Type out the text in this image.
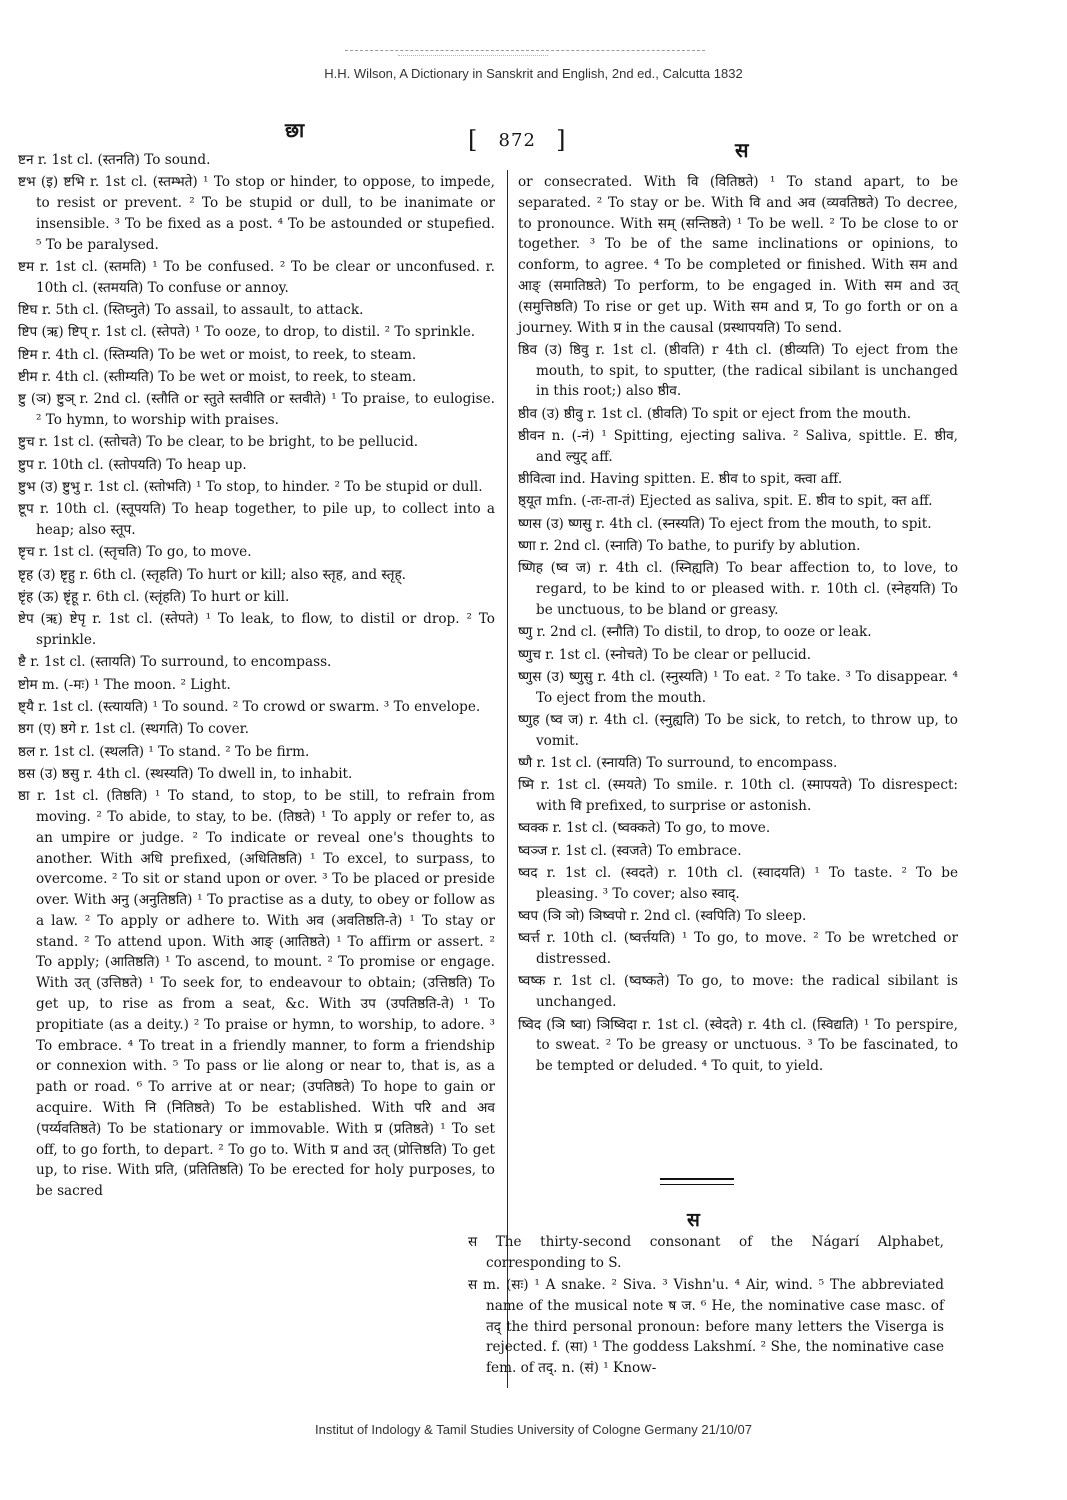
H.H. Wilson, A Dictionary in Sanskrit and English, 2nd ed., Calcutta 1832
छा	[ 872 ]	स

ष्टन r. 1st cl. (स्तनति) To sound.

ष्टभ (इ) ष्टभि r. 1st cl. (स्तम्भते) ¹ To stop or hinder, to oppose, to impede, to resist or prevent. ² To be stupid or dull, to be inanimate or insensible. ³ To be fixed as a post. ⁴ To be astounded or stupefied. ⁵ To be paralysed.

ष्टम r. 1st cl. (स्तमति) ¹ To be confused. ² To be clear or unconfused. r. 10th cl. (स्तमयति) To confuse or annoy.

ष्टिघ r. 5th cl. (स्तिघ्नुते) To assail, to assault, to attack.

ष्टिप (ऋ) ष्टिप् r. 1st cl. (स्तेपते) ¹ To ooze, to drop, to distil. ² To sprinkle.

ष्टिम r. 4th cl. (स्तिम्यति) To be wet or moist, to reek, to steam.

ष्टीम r. 4th cl. (स्तीम्यति) To be wet or moist, to reek, to steam.

ष्टु (ञ) ष्टुञ् r. 2nd cl. (स्तौति or स्तुते स्तवीति or स्तवीते) ¹ To praise, to eulogise. ² To hymn, to worship with praises.

ष्टुच r. 1st cl. (स्तोचते) To be clear, to be bright, to be pellucid.

ष्टुप r. 10th cl. (स्तोपयति) To heap up.

ष्टुभ (उ) ष्टुभु r. 1st cl. (स्तोभति) ¹ To stop, to hinder. ² To be stupid or dull.

ष्टूप r. 10th cl. (स्तूपयति) To heap together, to pile up, to collect into a heap; also स्तूप.

ष्टृच r. 1st cl. (स्तृचति) To go, to move.

ष्टृह (उ) ष्टृहु r. 6th cl. (स्तृहति) To hurt or kill; also स्तृह, and स्तृह्.

ष्टृंह (ऊ) ष्टृंहू r. 6th cl. (स्तृंहति) To hurt or kill.

ष्टेप (ऋ) ष्टेपृ r. 1st cl. (स्तेपते) ¹ To leak, to flow, to distil or drop. ² To sprinkle.

ष्टै r. 1st cl. (स्तायति) To surround, to encompass.

ष्टोम m. (-मः) ¹ The moon. ² Light.

ष्ट्यै r. 1st cl. (स्त्यायति) ¹ To sound. ² To crowd or swarm. ³ To envelope.

ष्ठग (ए) ष्ठगे r. 1st cl. (स्थगति) To cover.

ष्ठल r. 1st cl. (स्थलति) ¹ To stand. ² To be firm.

ष्ठस (उ) ष्ठसु r. 4th cl. (स्थस्यति) To dwell in, to inhabit.

ष्ठा r. 1st cl. (तिष्ठति) ¹ To stand, to stop, to be still, to refrain from moving. ² To abide, to stay, to be. (तिष्ठते) ¹ To apply or refer to, as an umpire or judge. ² To indicate or reveal one's thoughts to another. With अधि prefixed, (अधितिष्ठति) ¹ To excel, to surpass, to overcome. ² To sit or stand upon or over. ³ To be placed or preside over. With अनु (अनुतिष्ठति) ¹ To practise as a duty, to obey or follow as a law. ² To apply or adhere to. With अव (अवतिष्ठति-ते) ¹ To stay or stand. ² To attend upon. With आङ् (आतिष्ठते) ¹ To affirm or assert. ² To apply; (आतिष्ठति) ¹ To ascend, to mount. ² To promise or engage. With उत् (उत्तिष्ठते) ¹ To seek for, to endeavour to obtain; (उत्तिष्ठति) To get up, to rise as from a seat, &c. With उप (उपतिष्ठति-ते) ¹ To propitiate (as a deity.) ² To praise or hymn, to worship, to adore. ³ To embrace. ⁴ To treat in a friendly manner, to form a friendship or connexion with. ⁵ To pass or lie along or near to, that is, as a path or road. ⁶ To arrive at or near; (उपतिष्ठते) To hope to gain or acquire. With नि (नितिष्ठते) To be established. With परि and अव (पर्य्यवतिष्ठते) To be stationary or immovable. With प्र (प्रतिष्ठते) ¹ To set off, to go forth, to depart. ² To go to. With प्र and उत् (प्रोत्तिष्ठति) To get up, to rise. With प्रति, (प्रतितिष्ठति) To be erected for holy purposes, to be sacred

or consecrated. With वि (वितिष्ठते) ¹ To stand apart, to be separated. ² To stay or be. With वि and अव (व्यवतिष्ठते) To decree, to pronounce. With सम् (सन्तिष्ठते) ¹ To be well. ² To be close to or together. ³ To be of the same inclinations or opinions, to conform, to agree. ⁴ To be completed or finished. With सम and आङ् (समातिष्ठते) To perform, to be engaged in. With सम and उत् (समुत्तिष्ठति) To rise or get up. With सम and प्र, To go forth or on a journey. With प्र in the causal (प्रस्थापयति) To send.

ष्ठिव (उ) ष्ठिवु r. 1st cl. (ष्ठीवति) r 4th cl. (ष्ठीव्यति) To eject from the mouth, to spit, to sputter, (the radical sibilant is unchanged in this root;) also ष्ठीव.

ष्ठीव (उ) ष्ठीवु r. 1st cl. (ष्ठीवति) To spit or eject from the mouth.

ष्ठीवन n. (-नं) ¹ Spitting, ejecting saliva. ² Saliva, spittle. E. ष्ठीव, and ल्युट् aff.

ष्ठीवित्वा ind. Having spitten. E. ष्ठीव to spit, क्त्वा aff.

ष्ठ्यूत mfn. (-तः-ता-तं) Ejected as saliva, spit. E. ष्ठीव to spit, क्त aff.

ष्णस (उ) ष्णसु r. 4th cl. (स्नस्यति) To eject from the mouth, to spit.

ष्णा r. 2nd cl. (स्नाति) To bathe, to purify by ablution.

ष्णिह (ष्व ज) r. 4th cl. (स्निह्यति) To bear affection to, to love, to regard, to be kind to or pleased with. r. 10th cl. (स्नेहयति) To be unctuous, to be bland or greasy.

ष्णु r. 2nd cl. (स्नौति) To distil, to drop, to ooze or leak.

ष्णुच r. 1st cl. (स्नोचते) To be clear or pellucid.

ष्णुस (उ) ष्णुसु r. 4th cl. (स्नुस्यति) ¹ To eat. ² To take. ³ To disappear. ⁴ To eject from the mouth.

ष्णुह (ष्व ज) r. 4th cl. (स्नुह्यति) To be sick, to retch, to throw up, to vomit.

ष्णै r. 1st cl. (स्नायति) To surround, to encompass.

ष्मि r. 1st cl. (स्मयते) To smile. r. 10th cl. (स्मापयते) To disrespect: with वि prefixed, to surprise or astonish.

ष्वक्क r. 1st cl. (ष्वक्कते) To go, to move.

ष्वञ्ज r. 1st cl. (स्वजते) To embrace.

ष्वद r. 1st cl. (स्वदते) r. 10th cl. (स्वादयति) ¹ To taste. ² To be pleasing. ³ To cover; also स्वाद्.

ष्वप (ञि ञो) ञिष्वपो r. 2nd cl. (स्वपिति) To sleep.

ष्वर्त्त r. 10th cl. (ष्वर्त्तयति) ¹ To go, to move. ² To be wretched or distressed.

ष्वष्क r. 1st cl. (ष्वष्कते) To go, to move: the radical sibilant is unchanged.

ष्विद (ञि ष्वा) ञिष्विदा r. 1st cl. (स्वेदते) r. 4th cl. (स्विद्यति) ¹ To perspire, to sweat. ² To be greasy or unctuous. ³ To be fascinated, to be tempted or deluded. ⁴ To quit, to yield.

स

स The thirty-second consonant of the Nágarí Alphabet, corresponding to S.

स m. (सः) ¹ A snake. ² Siva. ³ Vishn'u. ⁴ Air, wind. ⁵ The abbreviated name of the musical note ष ज. ⁶ He, the nominative case masc. of तद् the third personal pronoun: before many letters the Viserga is rejected. f. (सा) ¹ The goddess Lakshmí. ² She, the nominative case fem. of तद्. n. (सं) ¹ Know-

Institut of Indology & Tamil Studies University of Cologne Germany 21/10/07
